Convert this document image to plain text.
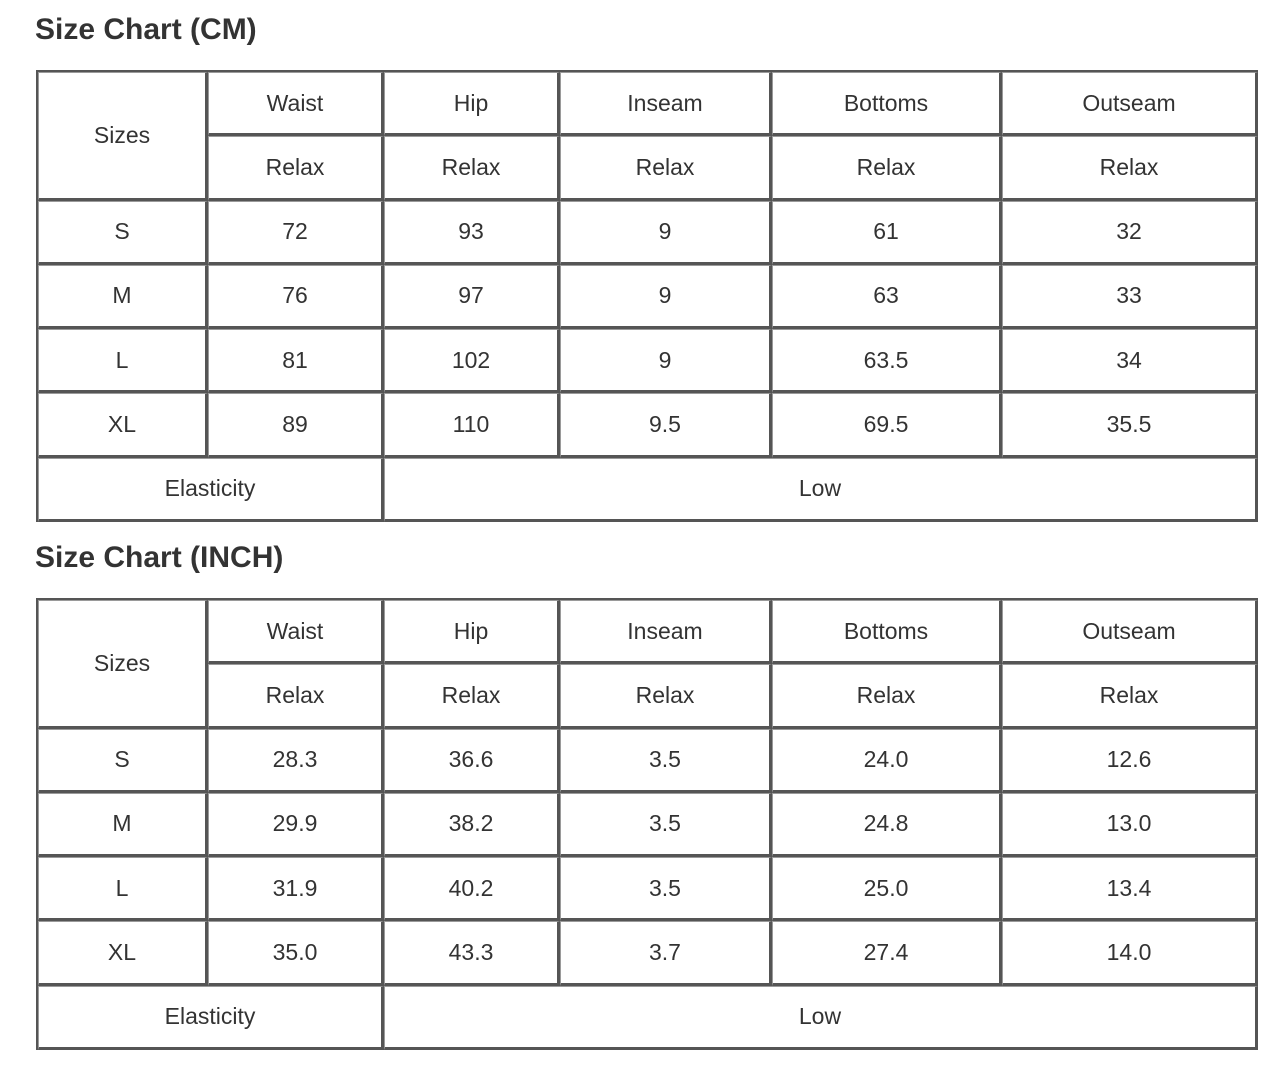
Size Chart (CM)
Sizes	Waist	Hip	Inseam	Bottoms	Outseam
	Relax	Relax	Relax	Relax	Relax
S	72	93	9	61	32
M	76	97	9	63	33
L	81	102	9	63.5	34
XL	89	110	9.5	69.5	35.5
Elasticity		Low			
Size Chart (INCH)
Sizes	Waist	Hip	Inseam	Bottoms	Outseam
	Relax	Relax	Relax	Relax	Relax
S	28.3	36.6	3.5	24.0	12.6
M	29.9	38.2	3.5	24.8	13.0
L	31.9	40.2	3.5	25.0	13.4
XL	35.0	43.3	3.7	27.4	14.0
Elasticity		Low			
